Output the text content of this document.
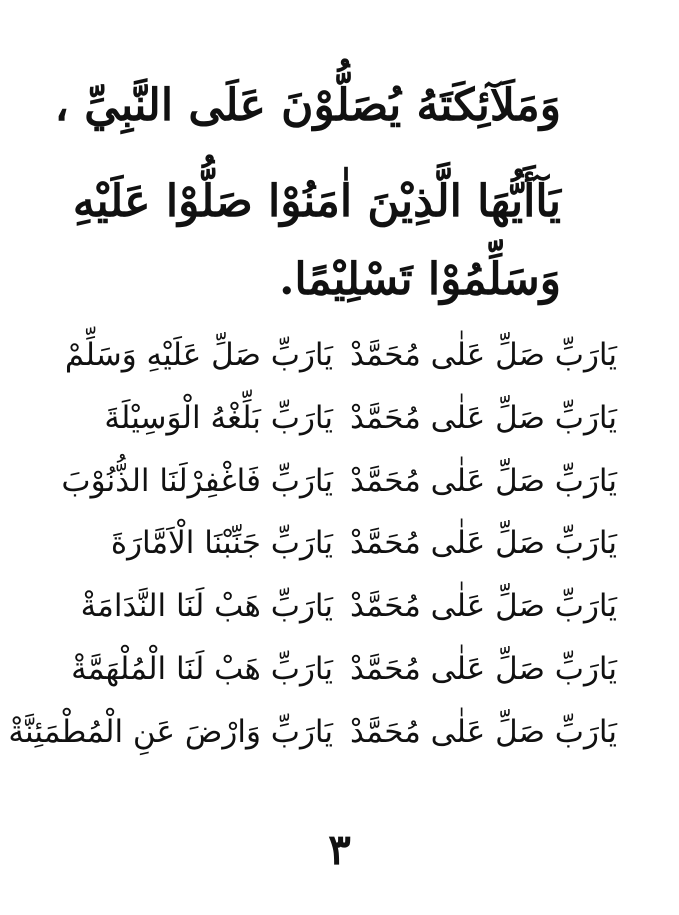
وَمَلَآئِكَتَهُ يُصَلُّوْنَ عَلَى النَّبِيِّ ،
يَآأَيُّهَا الَّذِيْنَ اٰمَنُوْا صَلُّوْا عَلَيْهِ
وَسَلِّمُوْا تَسْلِيْمًا.
يَارَبِّ صَلِّ عَلٰى مُحَمَّدْ
يَارَبِّ صَلِّ عَلَيْهِ وَسَلِّمْ
يَارَبِّ صَلِّ عَلٰى مُحَمَّدْ
يَارَبِّ بَلِّغْهُ الْوَسِيْلَةَ
يَارَبِّ صَلِّ عَلٰى مُحَمَّدْ
يَارَبِّ فَاغْفِرْلَنَا الذُّنُوْبَ
يَارَبِّ صَلِّ عَلٰى مُحَمَّدْ
يَارَبِّ جَنِّبْنَا الْاَمَّارَةَ
يَارَبِّ صَلِّ عَلٰى مُحَمَّدْ
يَارَبِّ هَبْ لَنَا النَّدَامَةْ
يَارَبِّ صَلِّ عَلٰى مُحَمَّدْ
يَارَبِّ هَبْ لَنَا الْمُلْهَمَّةْ
يَارَبِّ صَلِّ عَلٰى مُحَمَّدْ
يَارَبِّ وَارْضَ عَنِ الْمُطْمَئِنَّةْ
٣
